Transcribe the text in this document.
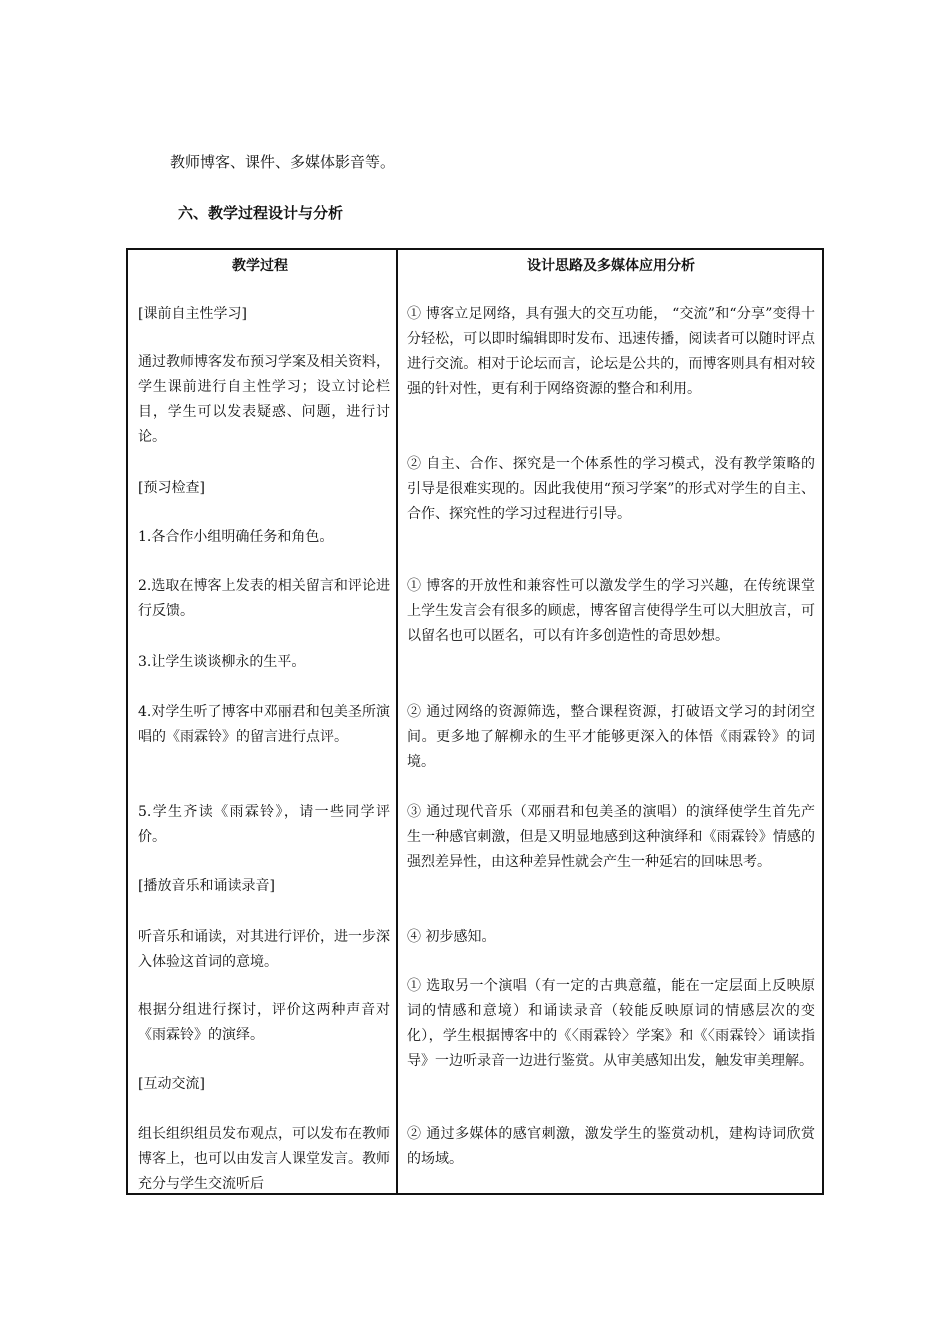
教师博客、课件、多媒体影音等。
六、教学过程设计与分析
教学过程

[课前自主性学习]

通过教师博客发布预习学案及相关资料，学生课前进行自主性学习；设立讨论栏目，学生可以发表疑惑、问题，进行讨论。

[预习检查]

1.各合作小组明确任务和角色。

2.选取在博客上发表的相关留言和评论进行反馈。

3.让学生谈谈柳永的生平。

4.对学生听了博客中邓丽君和包美圣所演唱的《雨霖铃》的留言进行点评。

5.学生齐读《雨霖铃》，请一些同学评价。

[播放音乐和诵读录音]

听音乐和诵读，对其进行评价，进一步深入体验这首词的意境。

根据分组进行探讨，评价这两种声音对《雨霖铃》的演绎。

[互动交流]

组长组织组员发布观点，可以发布在教师博客上，也可以由发言人课堂发言。教师充分与学生交流听后

设计思路及多媒体应用分析

① 博客立足网络，具有强大的交互功能， “交流”和“分享”变得十分轻松，可以即时编辑即时发布、迅速传播，阅读者可以随时评点进行交流。相对于论坛而言，论坛是公共的，而博客则具有相对较强的针对性，更有利于网络资源的整合和利用。

② 自主、合作、探究是一个体系性的学习模式，没有教学策略的引导是很难实现的。因此我使用“预习学案”的形式对学生的自主、合作、探究性的学习过程进行引导。

① 博客的开放性和兼容性可以激发学生的学习兴趣，在传统课堂上学生发言会有很多的顾虑，博客留言使得学生可以大胆放言，可以留名也可以匿名，可以有许多创造性的奇思妙想。

② 通过网络的资源筛选，整合课程资源，打破语文学习的封闭空间。更多地了解柳永的生平才能够更深入的体悟《雨霖铃》的词境。

③ 通过现代音乐（邓丽君和包美圣的演唱）的演绎使学生首先产生一种感官刺激，但是又明显地感到这种演绎和《雨霖铃》情感的强烈差异性，由这种差异性就会产生一种延宕的回味思考。

④ 初步感知。

① 选取另一个演唱（有一定的古典意蕴，能在一定层面上反映原词的情感和意境）和诵读录音（较能反映原词的情感层次的变化），学生根据博客中的《〈雨霖铃〉学案》和《〈雨霖铃〉诵读指导》一边听录音一边进行鉴赏。从审美感知出发，触发审美理解。

② 通过多媒体的感官刺激，激发学生的鉴赏动机，建构诗词欣赏的场域。
